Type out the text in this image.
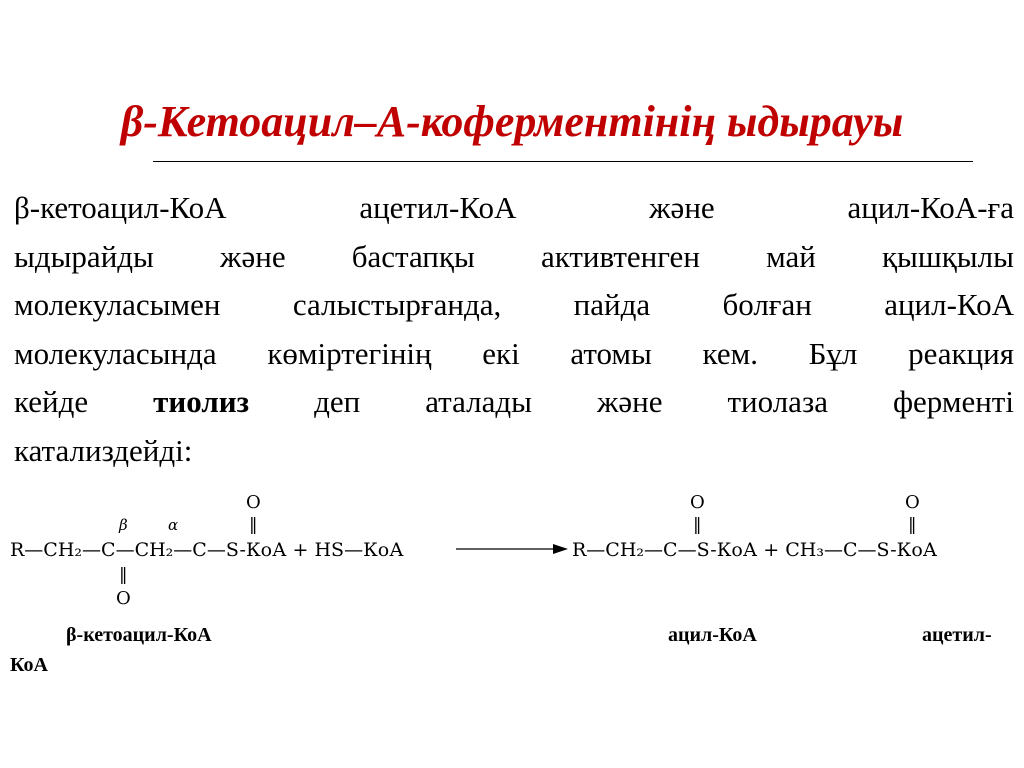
β-Кетоацил–А-коферментінің ыдырауы
β-кетоацил-КоА	ацетил-КоА	жəне	ацил-КоА-ға
ыдырайды жəне бастапқы активтенген май қышқылы
молекуласымен салыстырғанда, пайда болған ацил-КоА
молекуласында көміртегінің екі атомы кем. Бұл реакция
кейде тиолиз деп аталады жəне тиолаза ферменті
катализдейді:
R—CH₂—C—CH₂—C—S-КоА + HS—КоА	R—CH₂—C—S-КоА + CH₃—C—S-КоА
β
‖
O
α
O
‖
O
‖
O
‖
β-кетоацил-КоА	ацил-КоА	ацетил-
КоА
